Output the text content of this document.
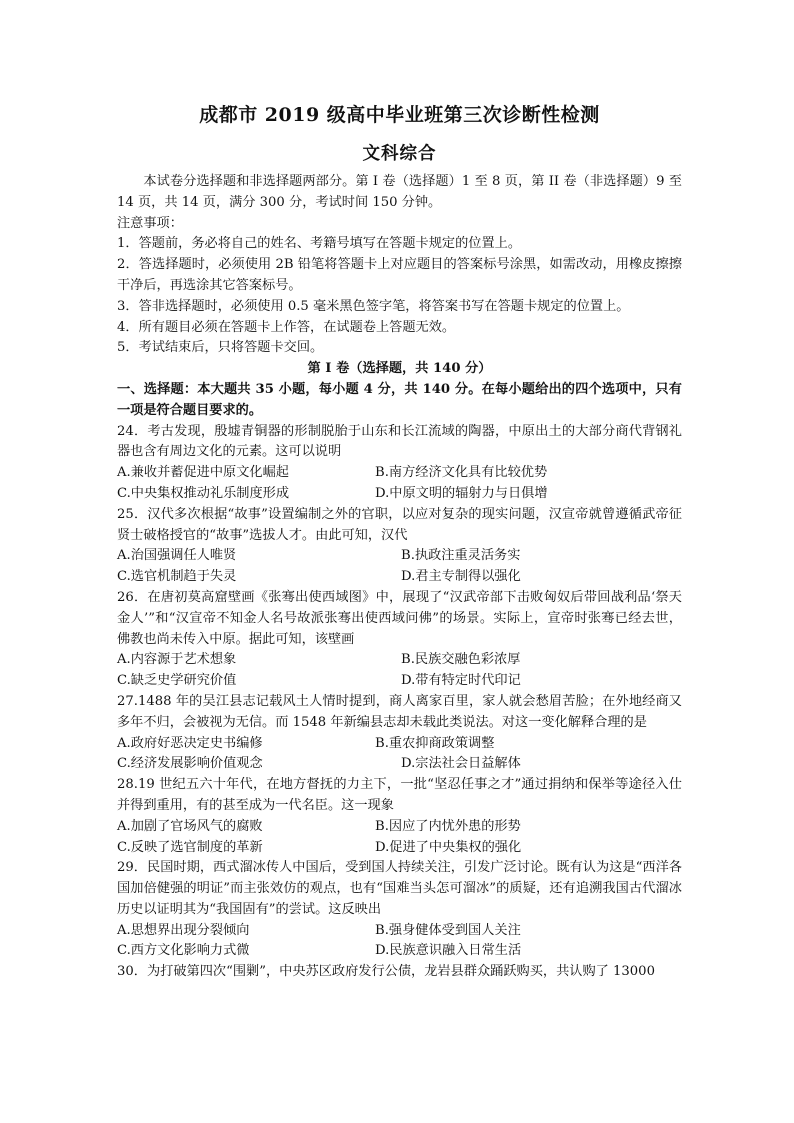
成都市 2019 级高中毕业班第三次诊断性检测
文科综合

本试卷分选择题和非选择题两部分。第 I 卷（选择题）1 至 8 页，第 II 卷（非选择题）9 至 14 页，共 14 页，满分 300 分，考试时间 150 分钟。

注意事项：

1．答题前，务必将自己的姓名、考籍号填写在答题卡规定的位置上。

2．答选择题时，必须使用 2B 铅笔将答题卡上对应题目的答案标号涂黑，如需改动，用橡皮擦擦干净后，再选涂其它答案标号。

3．答非选择题时，必须使用 0.5 毫米黑色签字笔，将答案书写在答题卡规定的位置上。

4．所有题目必须在答题卡上作答，在试题卷上答题无效。

5．考试结束后，只将答题卡交回。

第 I 卷（选择题，共 140 分）

一、选择题：本大题共 35 小题，每小题 4 分，共 140 分。在每小题给出的四个选项中，只有一项是符合题目要求的。

24．考古发现，殷墟青铜器的形制脱胎于山东和长江流域的陶器，中原出土的大部分商代背钢礼器也含有周边文化的元素。这可以说明

A.兼收并蓄促进中原文化崛起	B.南方经济文化具有比较优势
C.中央集权推动礼乐制度形成	D.中原文明的辐射力与日俱增

25．汉代多次根据“故事”设置编制之外的官职，以应对复杂的现实问题，汉宣帝就曾遵循武帝征贤士破格授官的“故事”选拔人才。由此可知，汉代

A.治国强调任人唯贤	B.执政注重灵活务实
C.选官机制趋于失灵	D.君主专制得以强化

26．在唐初莫高窟壁画《张骞出使西域图》中，展现了“汉武帝部下击败匈奴后带回战利品‘祭天金人’”和“汉宣帝不知金人名号故派张骞出使西域问佛”的场景。实际上，宣帝时张骞已经去世，佛教也尚未传入中原。据此可知，该壁画

A.内容源于艺术想象	B.民族交融色彩浓厚
C.缺乏史学研究价值	D.带有特定时代印记

27.1488 年的吴江县志记载风土人情时提到，商人离家百里，家人就会愁眉苦脸；在外地经商又多年不归，会被视为无信。而 1548 年新编县志却未载此类说法。对这一变化解释合理的是

A.政府好恶决定史书编修	B.重农抑商政策调整
C.经济发展影响价值观念	D.宗法社会日益解体

28.19 世纪五六十年代，在地方督抚的力主下，一批“坚忍任事之才”通过捐纳和保举等途径入仕并得到重用，有的甚至成为一代名臣。这一现象

A.加剧了官场风气的腐败	B.因应了内忧外患的形势
C.反映了选官制度的革新	D.促进了中央集权的强化

29．民国时期，西式溜冰传人中国后，受到国人持续关注，引发广泛讨论。既有认为这是“西洋各国加倍健强的明证”而主张效仿的观点，也有“国难当头怎可溜冰”的质疑，还有追溯我国古代溜冰历史以证明其为“我国固有”的尝试。这反映出

A.思想界出现分裂倾向	B.强身健体受到国人关注
C.西方文化影响力式微	D.民族意识融入日常生活

30．为打破第四次“围剿”，中央苏区政府发行公债，龙岩县群众踊跃购买，共认购了 13000
